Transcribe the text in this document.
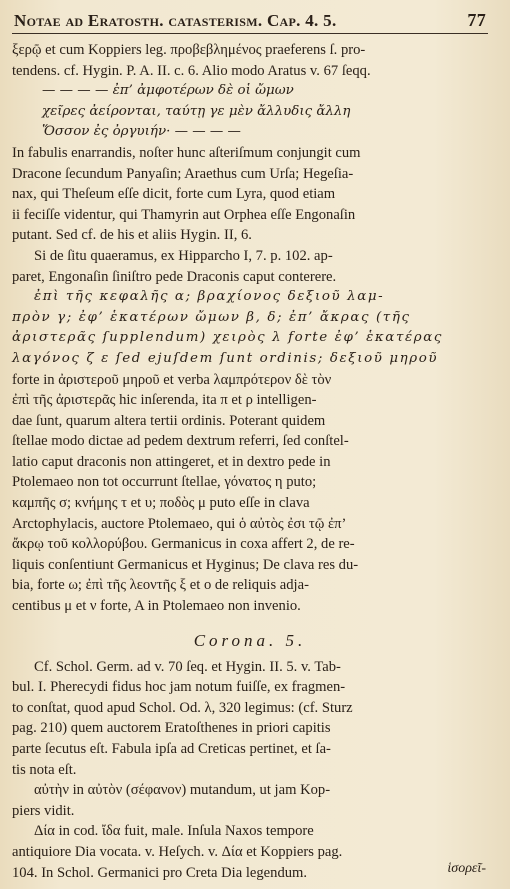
Notae ad Eratosth. catasterism. Cap. 4. 5.	77

ξερῷ et cum Koppiers leg. προβεβλημένος praeferens ſ. pro-

tendens. cf. Hygin. P. A. II. c. 6. Alio modo Aratus v. 67 ſeqq.

— — — — ἐπ’ ἀμφοτέρων δὲ οἱ ὤμων

χεῖρες ἀείρονται, ταύτῃ γε μὲν ἄλλυδις ἄλλη

Ὅσσον ἐς ὀργυιήν· — — — —

In fabulis enarrandis, noſter hunc aſteriſmum conjungit cum

Dracone ſecundum Panyaſin; Araethus cum Urſa; Hegeſia-

nax, qui Theſeum eſſe dicit, forte cum Lyra, quod etiam

ii feciſſe videntur, qui Thamyrin aut Orphea eſſe Engonaſin

putant. Sed cf. de his et aliis Hygin. II, 6.

Si de ſitu quaeramus, ex Hipparcho I, 7. p. 102. ap-

paret, Engonaſin ſiniſtro pede Draconis caput conterere.

ἐπὶ τῆς κεφαλῆς α; βραχίονος δεξιοῦ λαμ-

πρὸν γ; ἐφ’ ἑκατέρων ὤμων β, δ; ἐπ’ ἄκρας (τῆς

ἀριστερᾶς ſupplendum) χειρὸς λ forte ἐφ’ ἑκατέρας

λαγόνος ζ ε ſed ejuſdem ſunt ordinis; δεξιοῦ μηροῦ

forte in ἀριστεροῦ μηροῦ et verba λαμπρότερον δὲ τὸν

ἐπὶ τῆς ἀριστερᾶς hic inſerenda, ita π et ρ intelligen-

dae ſunt, quarum altera tertii ordinis. Poterant quidem

ſtellae modo dictae ad pedem dextrum referri, ſed conſtel-

latio caput draconis non attingeret, et in dextro pede in

Ptolemaeo non tot occurrunt ſtellae, γόνατος η puto;

καμπῆς σ; κνήμης τ et υ; ποδὸς μ puto eſſe in clava

Arctophylacis, auctore Ptolemaeo, qui ὁ αὐτὸς ἐσι τῷ ἐπ’

ἄκρῳ τοῦ κολλορύβου. Germanicus in coxa affert 2, de re-

liquis conſentiunt Germanicus et Hyginus; De clava res du-

bia, forte ω; ἐπὶ τῆς λεοντῆς ξ et ο de reliquis adja-

centibus μ et ν forte, A in Ptolemaeo non invenio.

Corona. 5.

Cf. Schol. Germ. ad v. 70 ſeq. et Hygin. II. 5. v. Tab-

bul. I. Pherecydi fidus hoc jam notum fuiſſe, ex fragmen-

to conſtat, quod apud Schol. Od. λ, 320 legimus: (cf. Sturz

pag. 210) quem auctorem Eratoſthenes in priori capitis

parte ſecutus eſt. Fabula ipſa ad Creticas pertinet, et ſa-

tis nota eſt.

αὐτὴν in αὐτὸν (σέφανον) mutandum, ut jam Kop-

piers vidit.

Δία in cod. ἴδα fuit, male. Inſula Naxos tempore

antiquiore Dia vocata. v. Heſych. v. Δία et Koppiers pag.

104. In Schol. Germanici pro Creta Dia legendum.	ἱσορεῖ-
